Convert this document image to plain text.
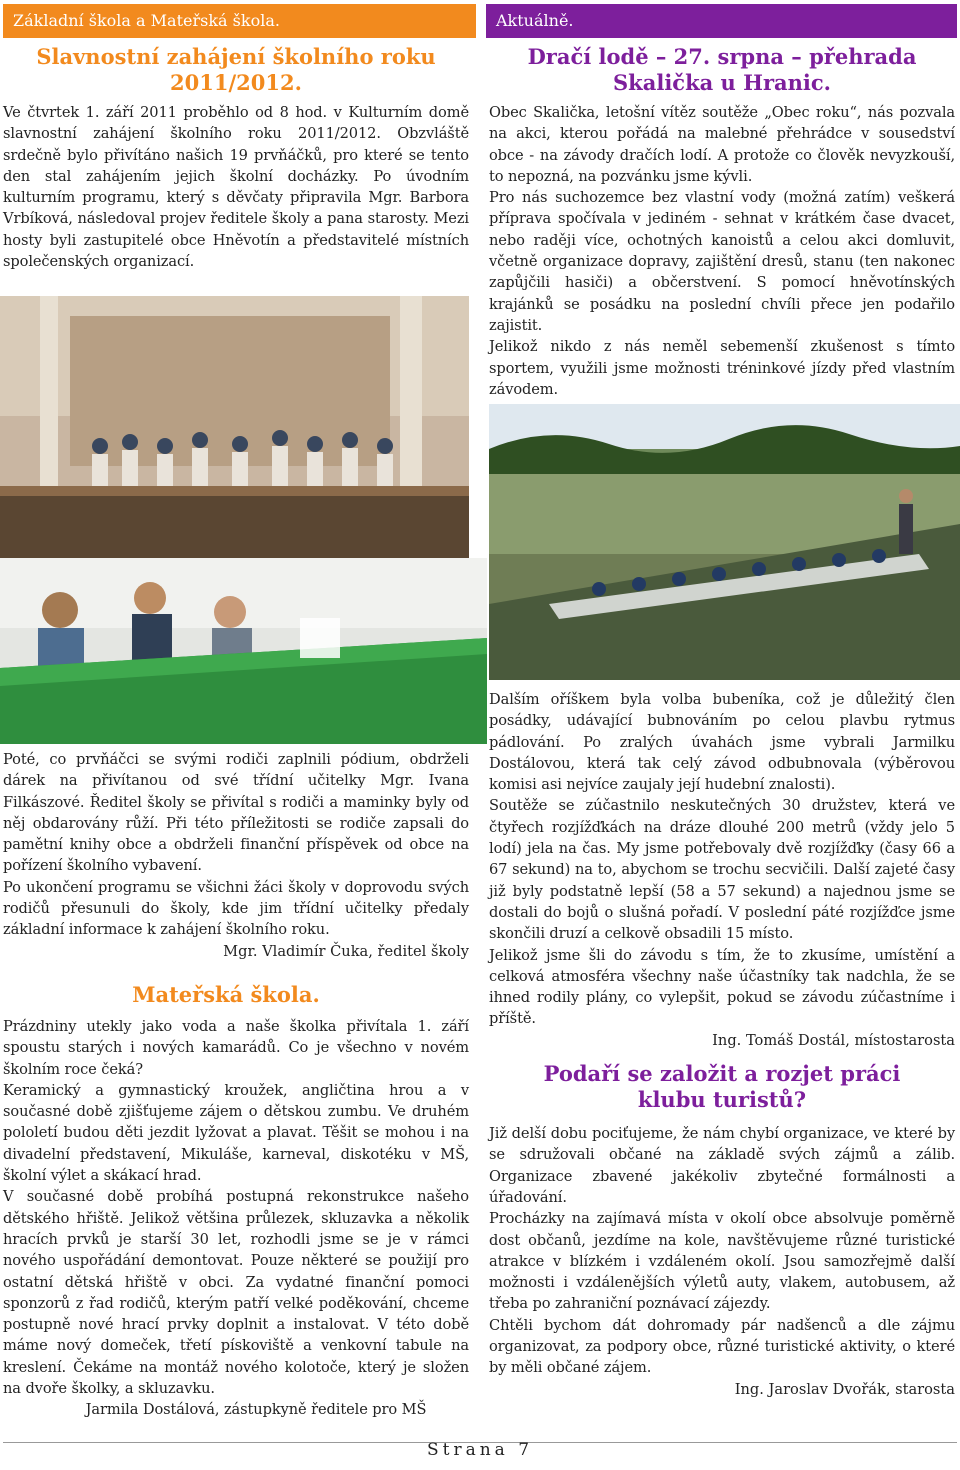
Základní škola a Mateřská škola.	Aktuálně.
Slavnostní zahájení školního roku 2011/2012.

Ve čtvrtek 1. září 2011 proběhlo od 8 hod. v Kulturním domě slavnostní zahájení školního roku 2011/2012. Obzvláště srdečně bylo přivítáno našich 19 prvňáčků, pro které se tento den stal zahájením jejich školní docházky. Po úvodním kulturním programu, který s děvčaty připravila Mgr. Barbora Vrbíková, následoval projev ředitele školy a pana starosty. Mezi hosty byli zastupitelé obce Hněvotín a představitelé místních společenských organizací.

Poté, co prvňáčci se svými rodiči zaplnili pódium, obdrželi dárek na přivítanou od své třídní učitelky Mgr. Ivana Filkászové. Ředitel školy se přivítal s rodiči a maminky byly od něj obdarovány růží. Při této příležitosti se rodiče zapsali do pamětní knihy obce a obdrželi finanční příspěvek od obce na pořízení školního vybavení.

Po ukončení programu se všichni žáci školy v doprovodu svých rodičů přesunuli do školy, kde jim třídní učitelky předaly základní informace k zahájení školního roku.

Mgr. Vladimír Čuka, ředitel školy

Mateřská škola.

Prázdniny utekly jako voda a naše školka přivítala 1. září spoustu starých i nových kamarádů. Co je všechno v novém školním roce čeká?

Keramický a gymnastický kroužek, angličtina hrou a v současné době zjišťujeme zájem o dětskou zumbu. Ve druhém pololetí budou děti jezdit lyžovat a plavat. Těšit se mohou i na divadelní představení, Mikuláše, karneval, diskotéku v MŠ, školní výlet a skákací hrad.

V současné době probíhá postupná rekonstrukce našeho dětského hřiště. Jelikož většina průlezek, skluzavka a několik hracích prvků je starší 30 let, rozhodli jsme se je v rámci nového uspořádání demontovat. Pouze některé se použijí pro ostatní dětská hřiště v obci. Za vydatné finanční pomoci sponzorů z řad rodičů, kterým patří velké poděkování, chceme postupně nové hrací prvky doplnit a instalovat. V této době máme nový domeček, třetí pískoviště a venkovní tabule na kreslení. Čekáme na montáž nového kolotoče, který je složen na dvoře školky, a skluzavku.

Jarmila Dostálová, zástupkyně ředitele pro MŠ

Dračí lodě – 27. srpna – přehrada Skalička u Hranic.

Obec Skalička, letošní vítěz soutěže „Obec roku“, nás pozvala na akci, kterou pořádá na malebné přehrádce v sousedství obce - na závody dračích lodí. A protože co člověk nevyzkouší, to nepozná, na pozvánku jsme kývli.

Pro nás suchozemce bez vlastní vody (možná zatím) veškerá příprava spočívala v jediném - sehnat v krátkém čase dvacet, nebo raději více, ochotných kanoistů a celou akci domluvit, včetně organizace dopravy, zajištění dresů, stanu (ten nakonec zapůjčili hasiči) a občerstvení. S pomocí hněvotínských krajánků se posádku na poslední chvíli přece jen podařilo zajistit.

Jelikož nikdo z nás neměl sebemenší zkušenost s tímto sportem, využili jsme možnosti tréninkové jízdy před vlastním závodem.

Dalším oříškem byla volba bubeníka, což je důležitý člen posádky, udávající bubnováním po celou plavbu rytmus pádlování. Po zralých úvahách jsme vybrali Jarmilku Dostálovou, která tak celý závod odbubnovala (výběrovou komisi asi nejvíce zaujaly její hudební znalosti).

Soutěže se zúčastnilo neskutečných 30 družstev, která ve čtyřech rozjížďkách na dráze dlouhé 200 metrů (vždy jelo 5 lodí) jela na čas. My jsme potřebovaly dvě rozjížďky (časy 66 a 67 sekund) na to, abychom se trochu secvičili. Další zajeté časy již byly podstatně lepší (58 a 57 sekund) a najednou jsme se dostali do bojů o slušná pořadí. V poslední páté rozjížďce jsme skončili druzí a celkově obsadili 15 místo.

Jelikož jsme šli do závodu s tím, že to zkusíme, umístění a celková atmosféra všechny naše účastníky tak nadchla, že se ihned rodily plány, co vylepšit, pokud se závodu zúčastníme i příště.

Ing. Tomáš Dostál, místostarosta

Podaří se založit a rozjet práci klubu turistů?

Již delší dobu pociťujeme, že nám chybí organizace, ve které by se sdružovali občané na základě svých zájmů a zálib. Organizace zbavené jakékoliv zbytečné formálnosti a úřadování.

Procházky na zajímavá místa v okolí obce absolvuje poměrně dost občanů, jezdíme na kole, navštěvujeme různé turistické atrakce v blízkém i vzdáleném okolí. Jsou samozřejmě další možnosti i vzdálenějších výletů auty, vlakem, autobusem, až třeba po zahraniční poznávací zájezdy.

Chtěli bychom dát dohromady pár nadšenců a dle zájmu organizovat, za podpory obce, různé turistické aktivity, o které by měli občané zájem.

Ing. Jaroslav Dvořák, starosta

Strana 7
